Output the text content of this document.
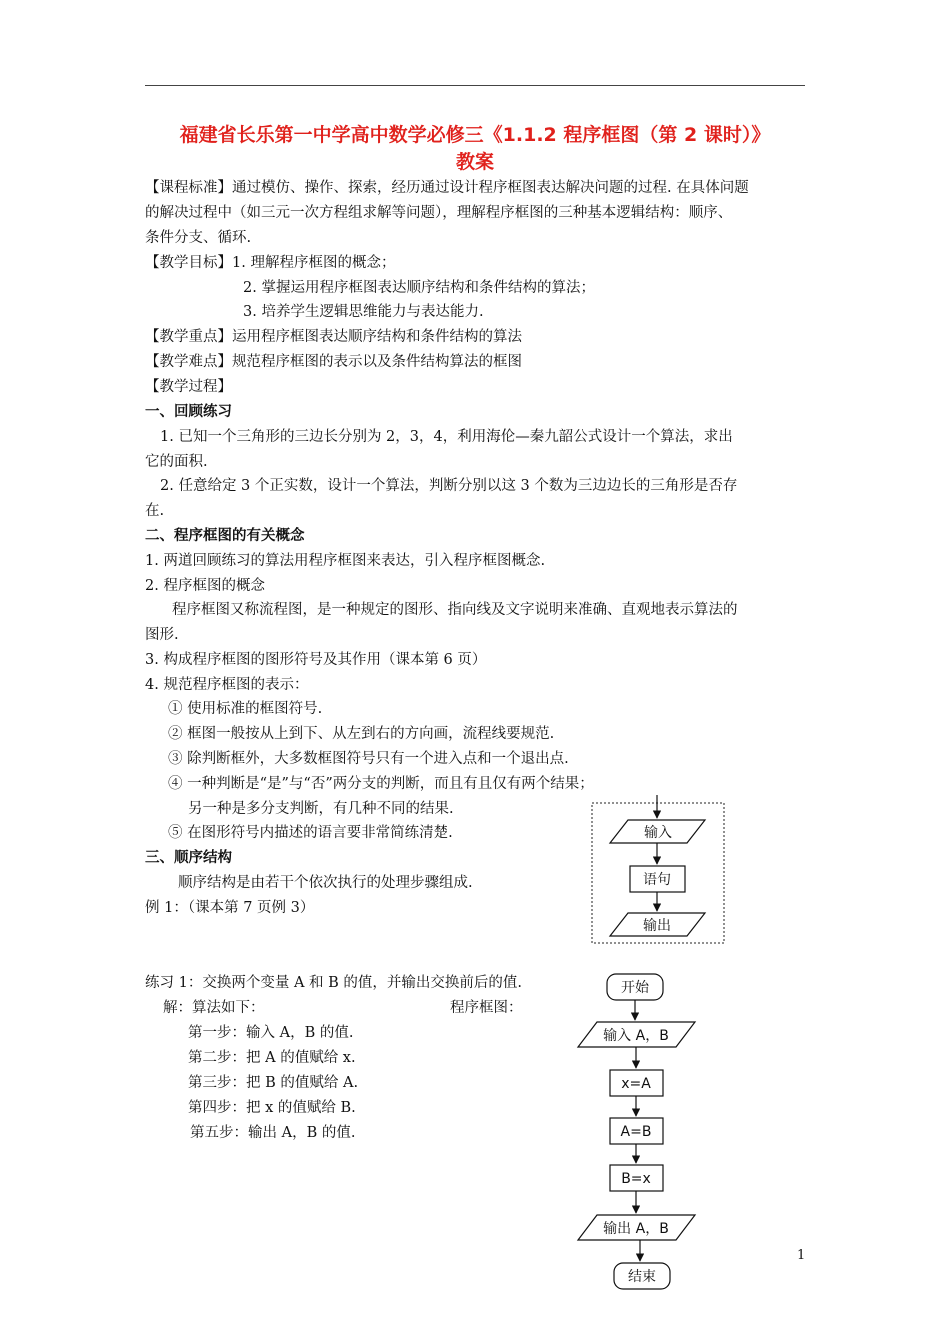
福建省长乐第一中学高中数学必修三《1.1.2 程序框图（第 2 课时）》
教案
【课程标准】通过模仿、操作、探索，经历通过设计程序框图表达解决问题的过程. 在具体问题
的解决过程中（如三元一次方程组求解等问题），理解程序框图的三种基本逻辑结构：顺序、
条件分支、循环.
【教学目标】1. 理解程序框图的概念；
2. 掌握运用程序框图表达顺序结构和条件结构的算法；
3. 培养学生逻辑思维能力与表达能力.
【教学重点】运用程序框图表达顺序结构和条件结构的算法
【教学难点】规范程序框图的表示以及条件结构算法的框图
【教学过程】
一、回顾练习
1. 已知一个三角形的三边长分别为 2，3，4，利用海伦—秦九韶公式设计一个算法，求出
它的面积.
2. 任意给定 3 个正实数，设计一个算法，判断分别以这 3 个数为三边边长的三角形是否存
在.
二、程序框图的有关概念
1. 两道回顾练习的算法用程序框图来表达，引入程序框图概念.
2. 程序框图的概念
程序框图又称流程图，是一种规定的图形、指向线及文字说明来准确、直观地表示算法的
图形.
3. 构成程序框图的图形符号及其作用（课本第 6 页）
4. 规范程序框图的表示：
① 使用标准的框图符号.
② 框图一般按从上到下、从左到右的方向画，流程线要规范.
③ 除判断框外，大多数框图符号只有一个进入点和一个退出点.
④ 一种判断是“是”与“否”两分支的判断，而且有且仅有两个结果；
另一种是多分支判断，有几种不同的结果.
⑤ 在图形符号内描述的语言要非常简练清楚.
三、顺序结构
顺序结构是由若干个依次执行的处理步骤组成.
例 1：（课本第 7 页例 3）
练习 1：交换两个变量 A 和 B 的值，并输出交换前后的值.
解：算法如下：	程序框图：
第一步：输入 A，B 的值.
第二步：把 A 的值赋给 x.
第三步：把 B 的值赋给 A.
第四步：把 x 的值赋给 B.
第五步：输出 A，B 的值.
输入
语句
输出
开始
输入 A，B
x=A
A=B
B=x
输出 A，B
结束
1
